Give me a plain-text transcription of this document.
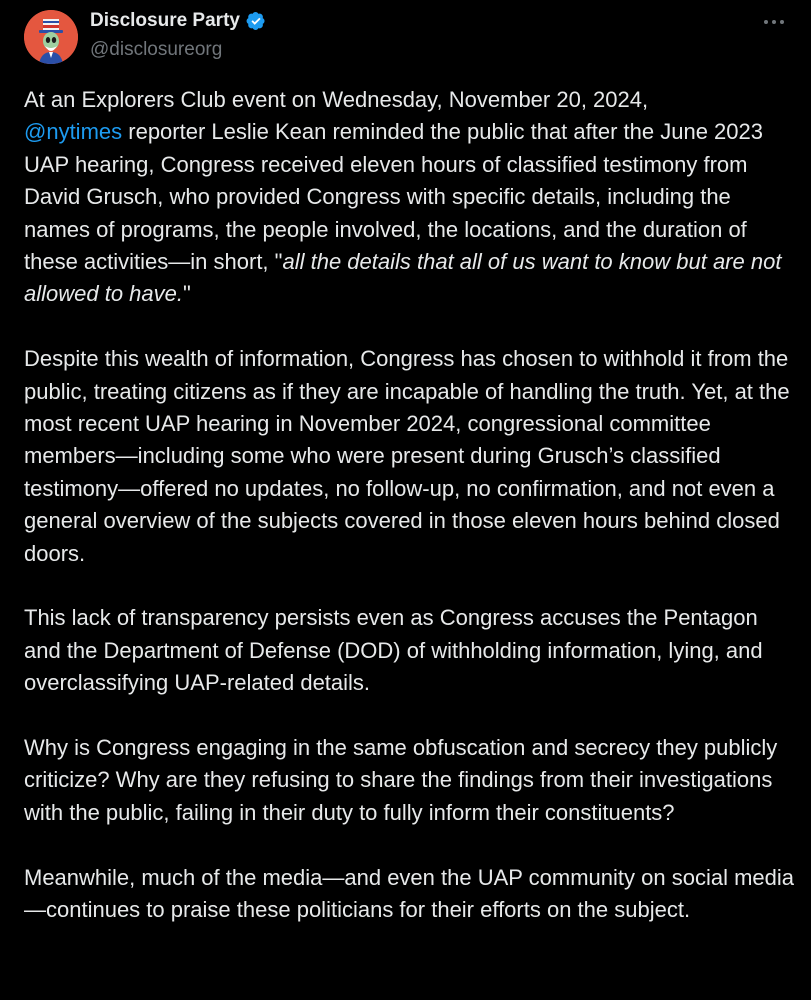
Disclosure Party
@disclosureorg

At an Explorers Club event on Wednesday, November 20, 2024,
@nytimes reporter Leslie Kean reminded the public that after the June 2023 UAP hearing, Congress received eleven hours of classified testimony from David Grusch, who provided Congress with specific details, including the names of programs, the people involved, the locations, and the duration of these activities—in short, "all the details that all of us want to know but are not allowed to have."

Despite this wealth of information, Congress has chosen to withhold it from the public, treating citizens as if they are incapable of handling the truth. Yet, at the most recent UAP hearing in November 2024, congressional committee members—including some who were present during Grusch’s classified testimony—offered no updates, no follow-up, no confirmation, and not even a general overview of the subjects covered in those eleven hours behind closed doors.

This lack of transparency persists even as Congress accuses the Pentagon and the Department of Defense (DOD) of withholding information, lying, and overclassifying UAP-related details.

Why is Congress engaging in the same obfuscation and secrecy they publicly criticize? Why are they refusing to share the findings from their investigations with the public, failing in their duty to fully inform their constituents?

Meanwhile, much of the media—and even the UAP community on social media—continues to praise these politicians for their efforts on the subject.
